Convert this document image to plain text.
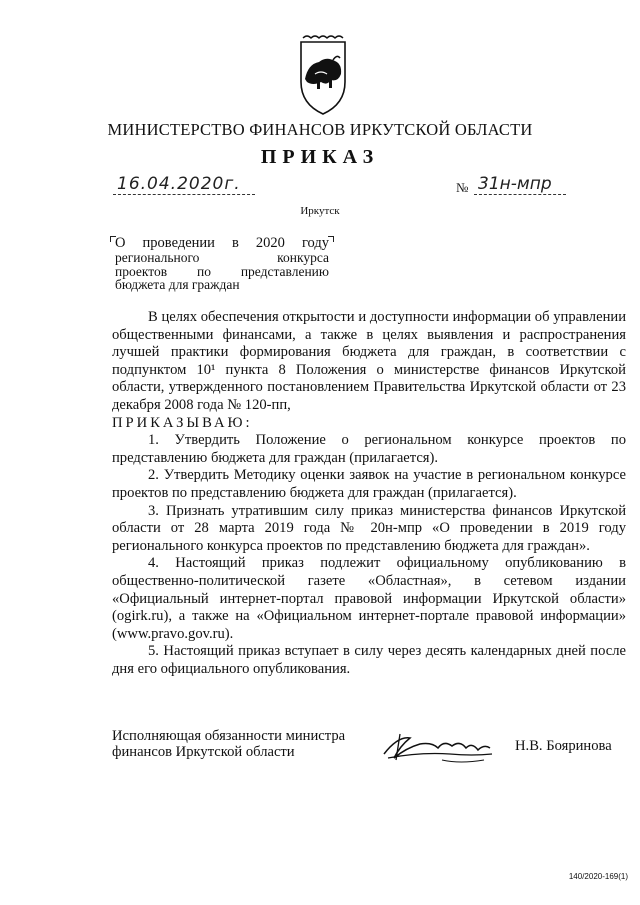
МИНИСТЕРСТВО ФИНАНСОВ ИРКУТСКОЙ ОБЛАСТИ
ПРИКАЗ
16.04.2020г.	№ 31н-мпр
Иркутск
О проведении в 2020 году
регионального	конкурса
проектов по представлению
бюджета для граждан

В целях обеспечения открытости и доступности информации об управлении общественными финансами, а также в целях выявления и распространения лучшей практики формирования бюджета для граждан, в соответствии с подпунктом 10¹ пункта 8 Положения о министерстве финансов Иркутской области, утвержденного постановлением Правительства Иркутской области от 23 декабря 2008 года № 120-пп,

ПРИКАЗЫВАЮ:

1. Утвердить Положение о региональном конкурсе проектов по представлению бюджета для граждан (прилагается).

2. Утвердить Методику оценки заявок на участие в региональном конкурсе проектов по представлению бюджета для граждан (прилагается).

3. Признать утратившим силу приказ министерства финансов Иркутской области от 28 марта 2019 года № 20н-мпр «О проведении в 2019 году регионального конкурса проектов по представлению бюджета для граждан».

4. Настоящий приказ подлежит официальному опубликованию в общественно-политической газете «Областная», в сетевом издании «Официальный интернет-портал правовой информации Иркутской области» (ogirk.ru), а также на «Официальном интернет-портале правовой информации» (www.pravo.gov.ru).

5. Настоящий приказ вступает в силу через десять календарных дней после дня его официального опубликования.

Исполняющая обязанности министра
финансов Иркутской области	Н.В. Бояринова
140/2020-169(1)
